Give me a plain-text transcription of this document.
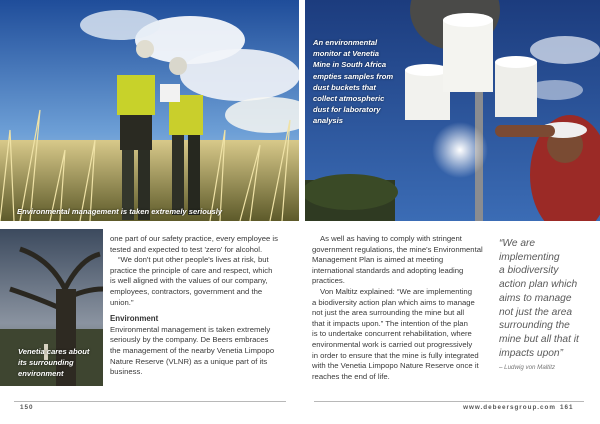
Environmental management is taken extremely seriously
An environmental
monitor at Venetia
Mine in South Africa
empties samples from
dust buckets that
collect atmospheric
dust for laboratory
analysis
Venetia cares about
its surrounding
environment

one part of our safety practice, every employee is
tested and expected to test 'zero' for alcohol.

“We don't put other people's lives at risk, but
practice the principle of care and respect, which
is well aligned with the values of our company,
employees, contractors, government and the
union.”

Environment

Environmental management is taken extremely
seriously by the company. De Beers embraces
the management of the nearby Venetia Limpopo
Nature Reserve (VLNR) as a unique part of its
business.

As well as having to comply with stringent
government regulations, the mine's Environmental
Management Plan is aimed at meeting
international standards and adopting leading
practices.

Von Maltitz explained: “We are implementing
a biodiversity action plan which aims to manage
not just the area surrounding the mine but all
that it impacts upon.” The intention of the plan
is to undertake concurrent rehabilitation, where
environmental work is carried out progressively
in order to ensure that the mine is fully integrated
with the Venetia Limpopo Nature Reserve once it
reaches the end of life.

“We are
implementing
a biodiversity
action plan which
aims to manage
not just the area
surrounding the
mine but all that it
impacts upon”
– Ludwig von Maltitz
150	www.debeersgroup.com 161
